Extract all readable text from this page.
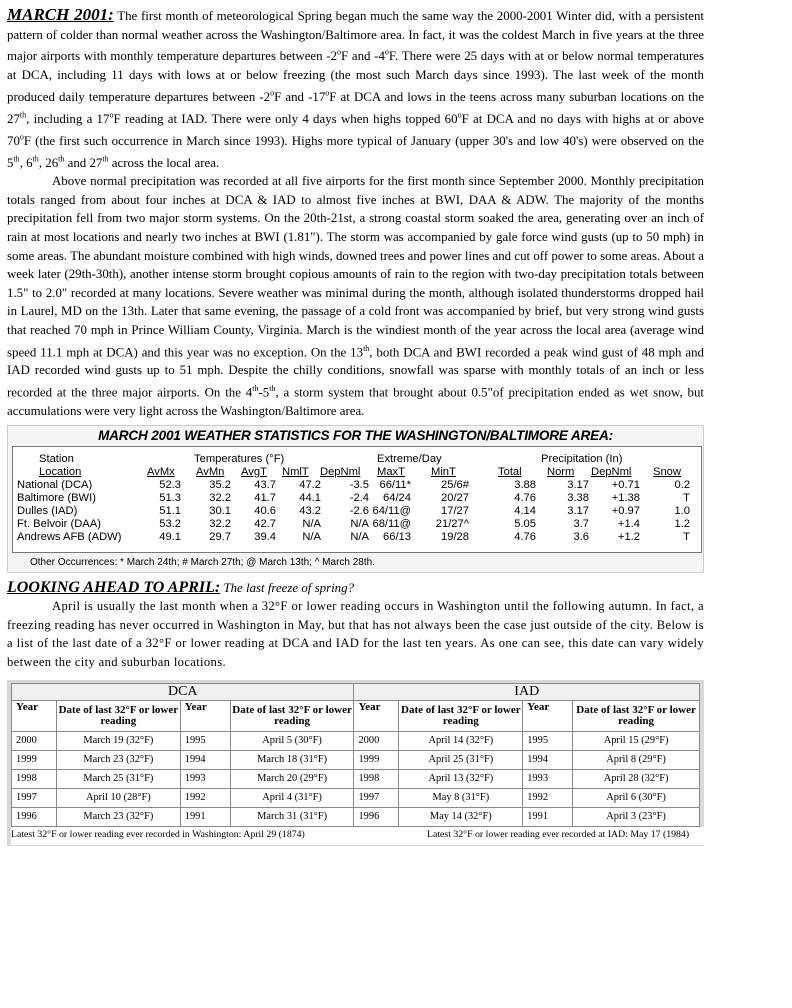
MARCH 2001: The first month of meteorological Spring began much the same way the 2000-2001 Winter did, with a persistent pattern of colder than normal weather across the Washington/Baltimore area. In fact, it was the coldest March in five years at the three major airports with monthly temperature departures between -2$^o$F and -4$^o$F. There were 25 days with at or below normal temperatures at DCA, including 11 days with lows at or below freezing (the most such March days since 1993). The last week of the month produced daily temperature departures between -2$^o$F and -17$^o$F at DCA and lows in the teens across many suburban locations on the 27th, including a 17$^o$F reading at IAD. There were only 4 days when highs topped 60$^o$F at DCA and no days with highs at or above 70$^o$F (the first such occurrence in March since 1993). Highs more typical of January (upper 30's and low 40's) were observed on the 5th, 6th, 26th and 27th across the local area.

Above normal precipitation was recorded at all five airports for the first month since September 2000. Monthly precipitation totals ranged from about four inches at DCA & IAD to almost five inches at BWI, DAA & ADW. The majority of the months precipitation fell from two major storm systems. On the 20th-21st, a strong coastal storm soaked the area, generating over an inch of rain at most locations and nearly two inches at BWI (1.81"). The storm was accompanied by gale force wind gusts (up to 50 mph) in some areas. The abundant moisture combined with high winds, downed trees and power lines and cut off power to some areas. About a week later (29th-30th), another intense storm brought copious amounts of rain to the region with two-day precipitation totals between 1.5" to 2.0" recorded at many locations. Severe weather was minimal during the month, although isolated thunderstorms dropped hail in Laurel, MD on the 13th. Later that same evening, the passage of a cold front was accompanied by brief, but very strong wind gusts that reached 70 mph in Prince William County, Virginia. March is the windiest month of the year across the local area (average wind speed 11.1 mph at DCA) and this year was no exception. On the 13th, both DCA and BWI recorded a peak wind gust of 48 mph and IAD recorded wind gusts up to 51 mph. Despite the chilly conditions, snowfall was sparse with monthly totals of an inch or less recorded at the three major airports. On the 4th-5th, a storm system that brought about 0.5"of precipitation ended as wet snow, but accumulations were very light across the Washington/Baltimore area.

MARCH 2001 WEATHER STATISTICS FOR THE WASHINGTON/BALTIMORE AREA:
Station	Temperatures (°F)	Extreme/Day	Precipitation (In)
Location	AvMx AvMn AvgT NmlT DepNml MaxT MinT	Total Norm DepNml Snow
National (DCA)	52.3	35.2	43.7	47.2	-3.5 66/11*	25/6#	3.88	3.17	+0.71	0.2
Baltimore (BWI)	51.3	32.2	41.7	44.1	-2.4	64/24	20/27	4.76	3.38	+1.38	T
Dulles (IAD)	51.1	30.1	40.6	43.2	-2.6 64/11@	17/27	4.14	3.17	+0.97	1.0
Ft. Belvoir (DAA)	53.2	32.2	42.7	N/A	N/A 68/11@	21/27^	5.05	3.7	+1.4	1.2
Andrews AFB (ADW)	49.1	29.7	39.4	N/A	N/A	66/13	19/28	4.76	3.6	+1.2	T
Other Occurrences: * March 24th; # March 27th; @ March 13th; ^ March 28th.
LOOKING AHEAD TO APRIL: The last freeze of spring?

April is usually the last month when a 32°F or lower reading occurs in Washington until the following autumn. In fact, a freezing reading has never occurred in Washington in May, but that has not always been the case just outside of the city. Below is a list of the last date of a 32°F or lower reading at DCA and IAD for the last ten years. As one can see, this date can vary widely between the city and suburban locations.

DCA				IAD			
Year	Date of last 32°F or lower reading	Year	Date of last 32°F or lower reading	Year	Date of last 32°F or lower reading	Year	Date of last 32°F or lower reading
2000	March 19 (32°F)	1995	April 5 (30°F)	2000	April 14 (32°F)	1995	April 15 (29°F)
1999	March 23 (32°F)	1994	March 18 (31°F)	1999	April 25 (31°F)	1994	April 8 (29°F)
1998	March 25 (31°F)	1993	March 20 (29°F)	1998	April 13 (32°F)	1993	April 28 (32°F)
1997	April 10 (28°F)	1992	April 4 (31°F)	1997	May 8 (31°F)	1992	April 6 (30°F)
1996	March 23 (32°F)	1991	March 31 (31°F)	1996	May 14 (32°F)	1991	April 3 (23°F)
Latest 32°F or lower reading ever recorded in Washington: April 29 (1874)	Latest 32°F or lower reading ever recorded at IAD: May 17 (1984)
